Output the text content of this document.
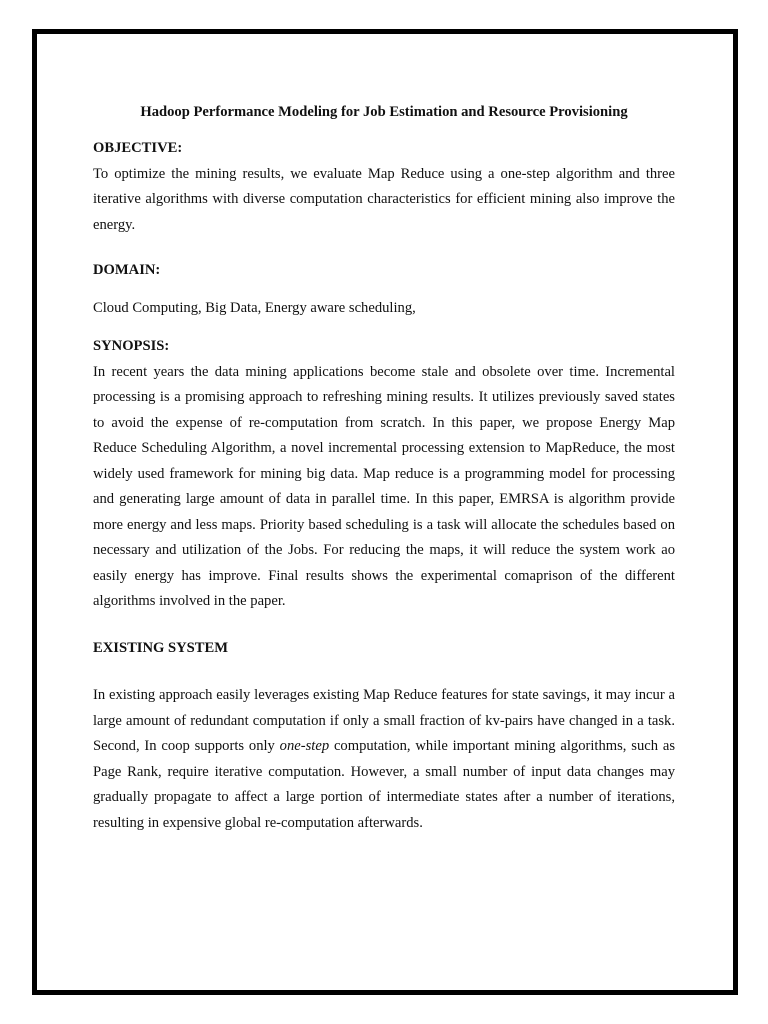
Hadoop Performance Modeling for Job Estimation and Resource Provisioning
OBJECTIVE:
To optimize the mining results, we evaluate Map Reduce using a one-step algorithm and three iterative algorithms with diverse computation characteristics for efficient mining also improve the energy.
DOMAIN:
Cloud Computing, Big Data, Energy aware scheduling,
SYNOPSIS:
In recent years the data mining applications become stale and obsolete over time. Incremental processing is a promising approach to refreshing mining results. It utilizes previously saved states to avoid the expense of re-computation from scratch. In this paper, we propose Energy Map Reduce Scheduling Algorithm, a novel incremental processing extension to MapReduce, the most widely used framework for mining big data. Map reduce is a programming model for processing and generating large amount of data in parallel time. In this paper, EMRSA is algorithm provide more energy and less maps. Priority based scheduling is a task will allocate the schedules based on necessary and utilization of the Jobs. For reducing the maps, it will reduce the system work ao easily energy has improve. Final results shows the experimental comaprison of the different algorithms involved in the paper.
EXISTING SYSTEM
In existing approach easily leverages existing Map Reduce features for state savings, it may incur a large amount of redundant computation if only a small fraction of kv-pairs have changed in a task. Second, In coop supports only one-step computation, while important mining algorithms, such as Page Rank, require iterative computation. However, a small number of input data changes may gradually propagate to affect a large portion of intermediate states after a number of iterations, resulting in expensive global re-computation afterwards.
